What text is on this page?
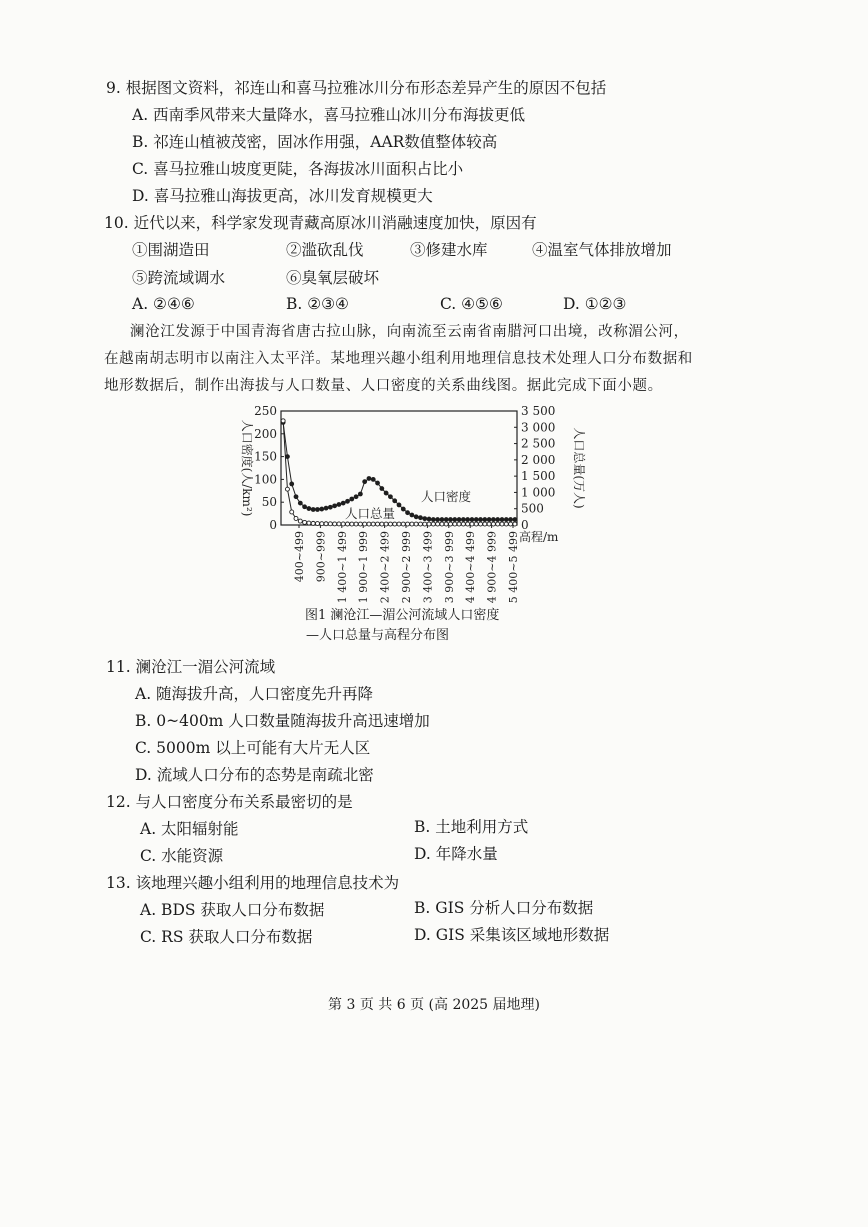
9. 根据图文资料，祁连山和喜马拉雅冰川分布形态差异产生的原因不包括
A. 西南季风带来大量降水，喜马拉雅山冰川分布海拔更低
B. 祁连山植被茂密，固冰作用强，AAR数值整体较高
C. 喜马拉雅山坡度更陡，各海拔冰川面积占比小
D. 喜马拉雅山海拔更高，冰川发育规模更大
10. 近代以来，科学家发现青藏高原冰川消融速度加快，原因有
①围湖造田	②滥砍乱伐	③修建水库	④温室气体排放增加
⑤跨流域调水	⑥臭氧层破坏
A. ②④⑥	B. ②③④	C. ④⑤⑥	D. ①②③
澜沧江发源于中国青海省唐古拉山脉，向南流至云南省南腊河口出境，改称湄公河，
在越南胡志明市以南注入太平洋。某地理兴趣小组利用地理信息技术处理人口分布数据和
地形数据后，制作出海拔与人口数量、人口密度的关系曲线图。据此完成下面小题。
250
200
150
100
50
0
3 500
3 000
2 500
2 000
1 500
1 000
500
0
人口密度(人/km²)	人口总量(万人)
400~499 900~999 1 400~1 499 1 900~1 999 2 400~2 499 2 900~2 999 3 400~3 499 3 900~3 999 4 400~4 499 4 900~4 999 5 400~5 499 高程/m
人口密度
人口总量
图1 澜沧江—湄公河流域人口密度
—人口总量与高程分布图
11. 澜沧江一湄公河流域
A. 随海拔升高，人口密度先升再降
B. 0~400m 人口数量随海拔升高迅速增加
C. 5000m 以上可能有大片无人区
D. 流域人口分布的态势是南疏北密
12. 与人口密度分布关系最密切的是
A. 太阳辐射能	B. 土地利用方式
C. 水能资源	D. 年降水量
13. 该地理兴趣小组利用的地理信息技术为
A. BDS 获取人口分布数据	B. GIS 分析人口分布数据
C. RS 获取人口分布数据	D. GIS 采集该区域地形数据
第 3 页 共 6 页 (高 2025 届地理)
